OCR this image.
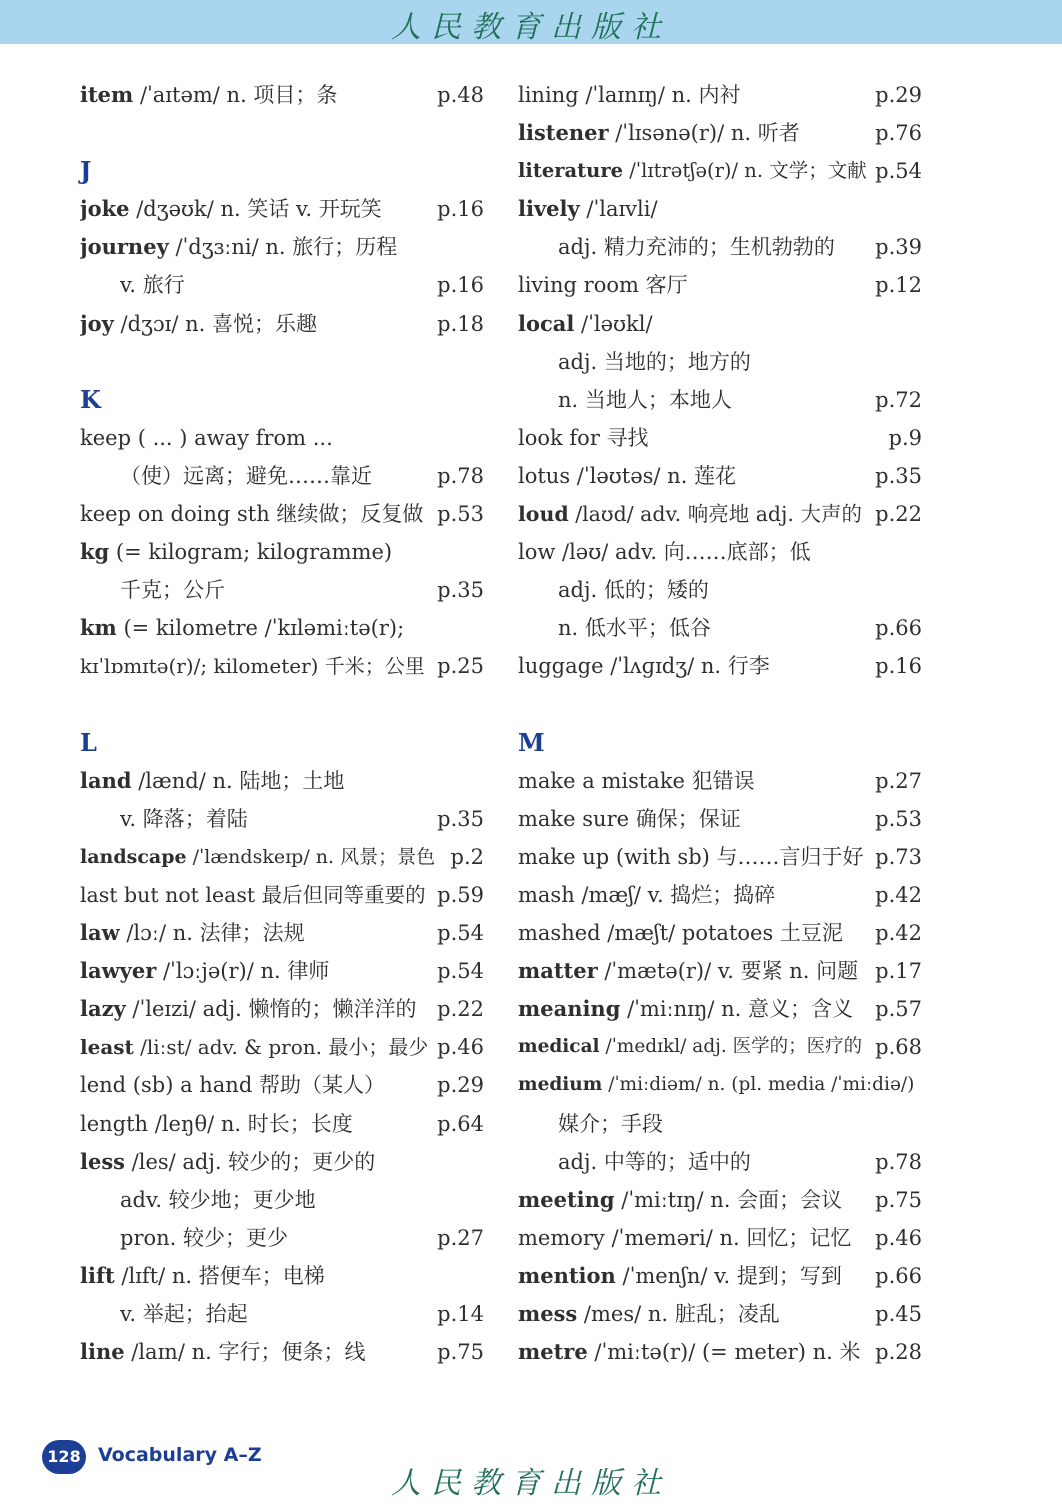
人民教育出版社
item /ˈaɪtəm/ n. 项目；条	p.48
J
joke /dʒəʊk/ n. 笑话 v. 开玩笑	p.16
journey /ˈdʒɜːni/ n. 旅行；历程
v. 旅行	p.16
joy /dʒɔɪ/ n. 喜悦；乐趣	p.18
K
keep ( ... ) away from ...
（使）远离；避免……靠近	p.78
keep on doing sth 继续做；反复做 p.53
kg (= kilogram; kilogramme)
千克；公斤	p.35
km (= kilometre /ˈkɪləmiːtə(r);
kɪˈlɒmɪtə(r)/; kilometer) 千米；公里 p.25
L
land /lænd/ n. 陆地；土地
v. 降落；着陆	p.35
landscape /ˈlændskeɪp/ n. 风景；景色 p.2
last but not least 最后但同等重要的 p.59
law /lɔː/ n. 法律；法规	p.54
lawyer /ˈlɔːjə(r)/ n. 律师	p.54
lazy /ˈleɪzi/ adj. 懒惰的；懒洋洋的 p.22
least /liːst/ adv. & pron. 最小；最少 p.46
lend (sb) a hand 帮助（某人） p.29
length /leŋθ/ n. 时长；长度	p.64
less /les/ adj. 较少的；更少的
adv. 较少地；更少地
pron. 较少；更少	p.27
lift /lɪft/ n. 搭便车；电梯
v. 举起；抬起	p.14
line /laɪn/ n. 字行；便条；线	p.75
lining /ˈlaɪnɪŋ/ n. 内衬	p.29
listener /ˈlɪsənə(r)/ n. 听者	p.76
literature /ˈlɪtrətʃə(r)/ n. 文学；文献 p.54
lively /ˈlaɪvli/
adj. 精力充沛的；生机勃勃的 p.39
living room 客厅	p.12
local /ˈləʊkl/
adj. 当地的；地方的
n. 当地人；本地人	p.72
look for 寻找	p.9
lotus /ˈləʊtəs/ n. 莲花	p.35
loud /laʊd/ adv. 响亮地 adj. 大声的 p.22
low /ləʊ/ adv. 向……底部；低
adj. 低的；矮的
n. 低水平；低谷	p.66
luggage /ˈlʌɡɪdʒ/ n. 行李	p.16
M
make a mistake 犯错误	p.27
make sure 确保；保证	p.53
make up (with sb) 与……言归于好 p.73
mash /mæʃ/ v. 捣烂；捣碎	p.42
mashed /mæʃt/ potatoes 土豆泥 p.42
matter /ˈmætə(r)/ v. 要紧 n. 问题 p.17
meaning /ˈmiːnɪŋ/ n. 意义；含义 p.57
medical /ˈmedɪkl/ adj. 医学的；医疗的 p.68
medium /ˈmiːdiəm/ n. (pl. media /ˈmiːdiə/)
媒介；手段
adj. 中等的；适中的	p.78
meeting /ˈmiːtɪŋ/ n. 会面；会议 p.75
memory /ˈmeməri/ n. 回忆；记忆 p.46
mention /ˈmenʃn/ v. 提到；写到 p.66
mess /mes/ n. 脏乱；凌乱	p.45
metre /ˈmiːtə(r)/ (= meter) n. 米 p.28
128 Vocabulary A–Z
人民教育出版社
